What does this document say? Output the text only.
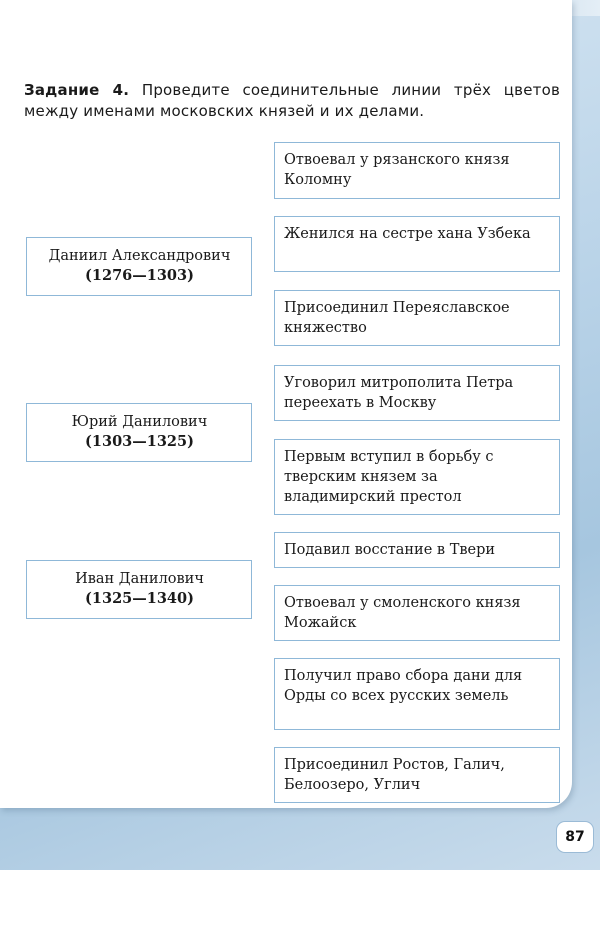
Задание 4. Проведите соединительные линии трёх цветов между именами московских князей и их делами.
Даниил Александрович
(1276—1303)
Юрий Данилович
(1303—1325)
Иван Данилович
(1325—1340)
Отвоевал у рязанского князя Коломну
Женился на сестре хана Узбека
Присоединил Переяславское княжество
Уговорил митрополита Петра переехать в Москву
Первым вступил в борьбу с тверским князем за владимирский престол
Подавил восстание в Твери
Отвоевал у смоленского князя Можайск
Получил право сбора дани для Орды со всех русских земель
Присоединил Ростов, Галич, Белоозеро, Углич
87
